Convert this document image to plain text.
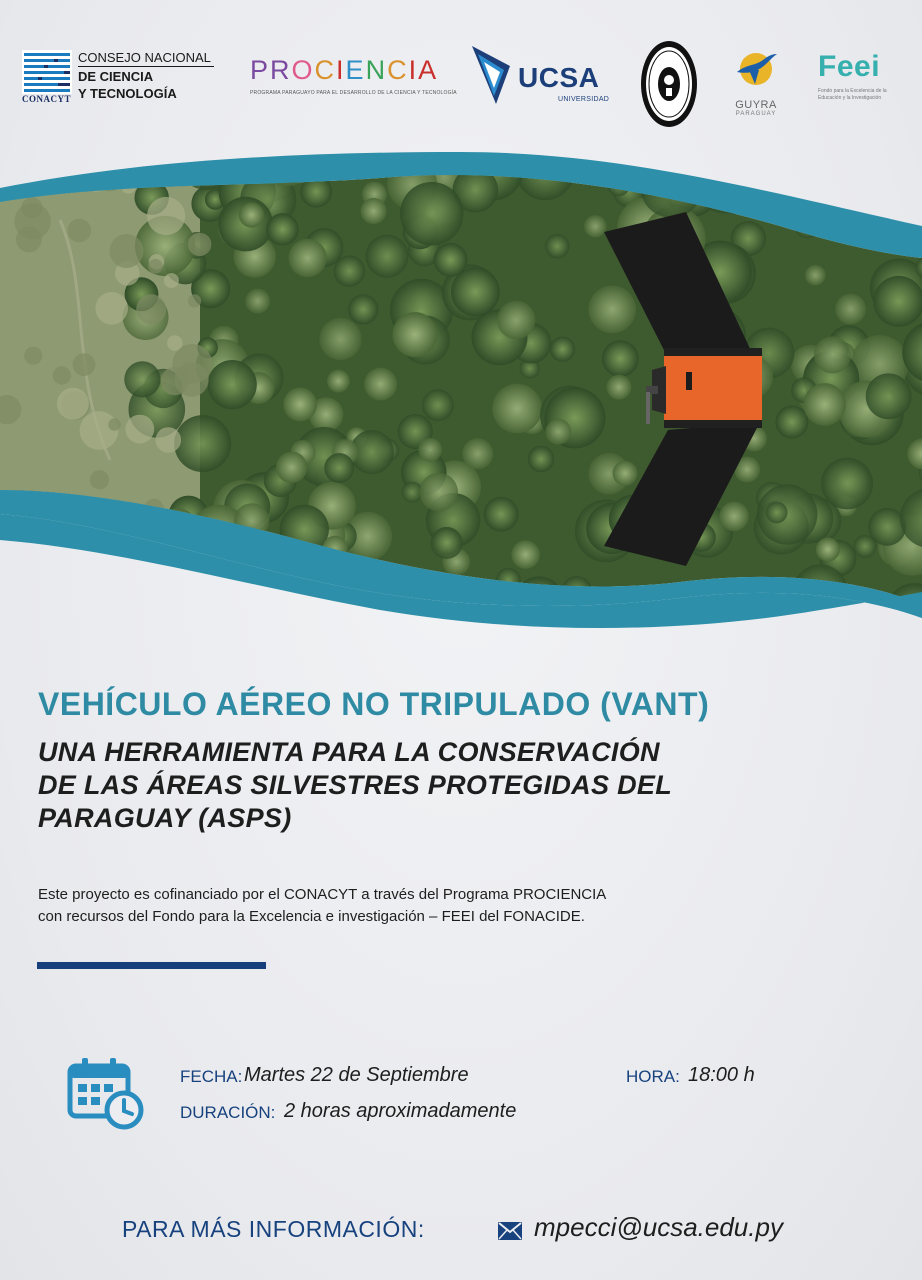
CONACYT
CONSEJO NACIONAL
DE CIENCIA
Y TECNOLOGÍA
PROCIENCIA
PROGRAMA PARAGUAYO PARA EL DESARROLLO DE LA CIENCIA Y TECNOLOGÍA UCSA
UNIVERSIDAD	GUYRA
PARAGUAY
Feei
Fondo para la Excelencia de la Educación y la Investigación
VEHÍCULO AÉREO NO TRIPULADO (VANT)
UNA HERRAMIENTA PARA LA CONSERVACIÓN
DE LAS ÁREAS SILVESTRES PROTEGIDAS DEL
PARAGUAY (ASPS)
Este proyecto es cofinanciado por el CONACYT a través del Programa PROCIENCIA
con recursos del Fondo para la Excelencia e investigación – FEEI del FONACIDE.
FECHA: Martes 22 de Septiembre	HORA: 18:00 h
DURACIÓN: 2 horas aproximadamente
PARA MÁS INFORMACIÓN:	mpecci@ucsa.edu.py
